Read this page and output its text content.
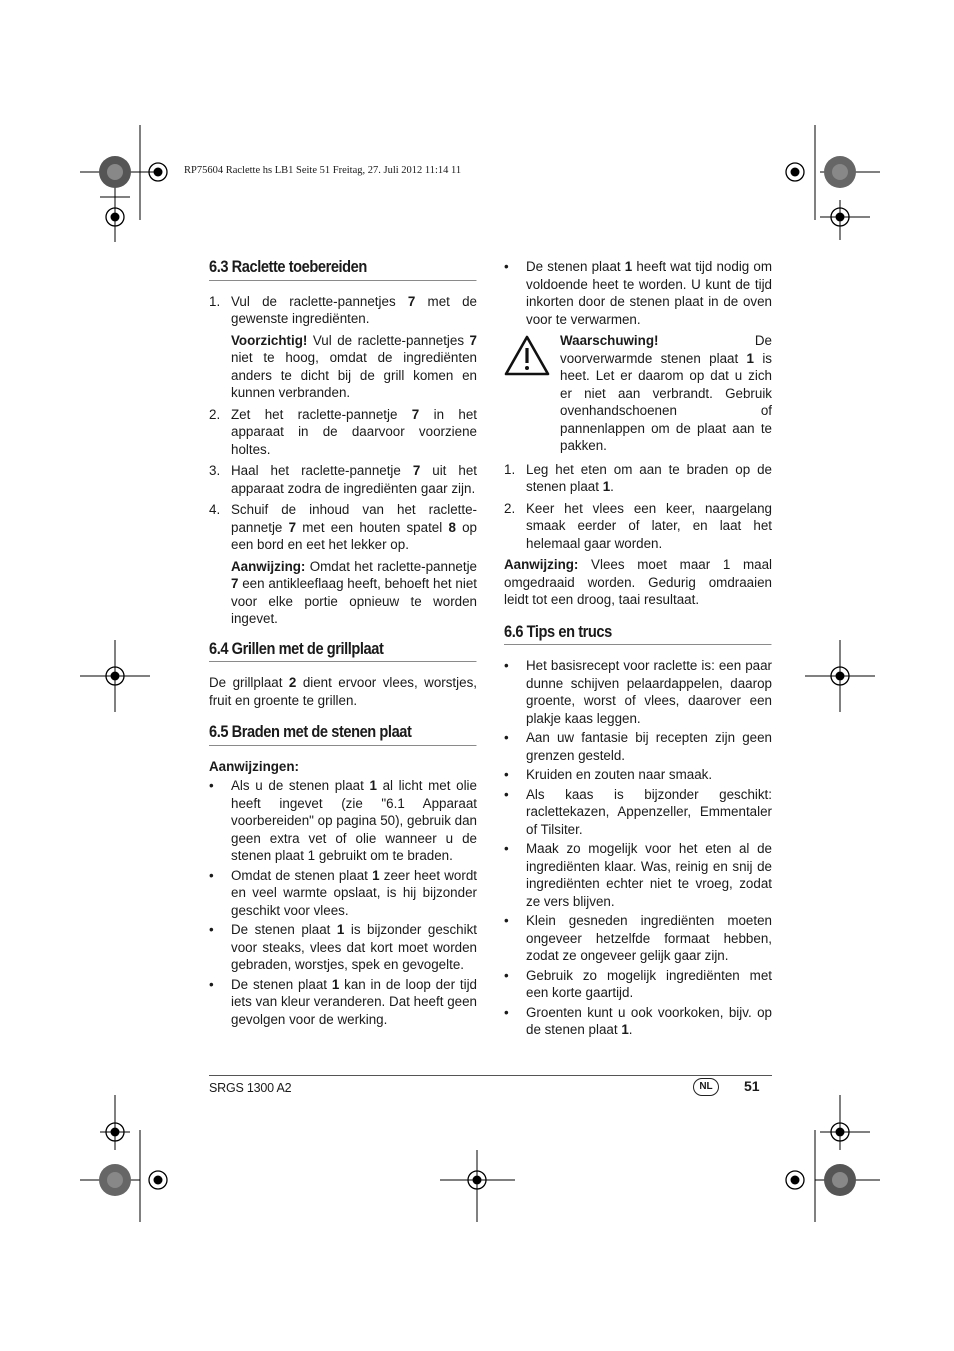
RP75604 Raclette hs LB1 Seite 51 Freitag, 27. Juli 2012 11:14 11
6.3 Raclette toebereiden
1. Vul de raclette-pannetjes 7 met de gewenste ingrediënten.

Voorzichtig! Vul de raclette-pannetjes 7 niet te hoog, omdat de ingrediënten anders te dicht bij de grill komen en kunnen verbranden.

2. Zet het raclette-pannetje 7 in het apparaat in de daarvoor voorziene holtes.
3. Haal het raclette-pannetje 7 uit het apparaat zodra de ingrediënten gaar zijn.
4. Schuif de inhoud van het raclette-pannetje 7 met een houten spatel 8 op een bord en eet het lekker op.

Aanwijzing: Omdat het raclette-pannetje 7 een antikleeflaag heeft, behoeft het niet voor elke portie opnieuw te worden ingevet.

6.4 Grillen met de grillplaat

De grillplaat 2 dient ervoor vlees, worstjes, fruit en groente te grillen.

6.5 Braden met de stenen plaat

Aanwijzingen:

•	Als u de stenen plaat 1 al licht met olie heeft ingevet (zie "6.1 Apparaat voorbereiden" op pagina 50), gebruik dan geen extra vet of olie wanneer u de stenen plaat 1 gebruikt om te braden.
•	Omdat de stenen plaat 1 zeer heet wordt en veel warmte opslaat, is hij bijzonder geschikt voor vlees.
•	De stenen plaat 1 is bijzonder geschikt voor steaks, vlees dat kort moet worden gebraden, worstjes, spek en gevogelte.
•	De stenen plaat 1 kan in de loop der tijd iets van kleur veranderen. Dat heeft geen gevolgen voor de werking.
•	De stenen plaat 1 heeft wat tijd nodig om voldoende heet te worden. U kunt de tijd inkorten door de stenen plaat in de oven voor te verwarmen.
Waarschuwing! De voorverwarmde stenen plaat 1 is heet. Let er daarom op dat u zich er niet aan verbrandt. Gebruik ovenhandschoenen of pannenlappen om de plaat aan te pakken.
1. Leg het eten om aan te braden op de stenen plaat 1.
2. Keer het vlees een keer, naargelang smaak eerder of later, en laat het helemaal gaar worden.

Aanwijzing: Vlees moet maar 1 maal omgedraaid worden. Gedurig omdraaien leidt tot een droog, taai resultaat.

6.6 Tips en trucs
•	Het basisrecept voor raclette is: een paar dunne schijven pelaardappelen, daarop groente, worst of vlees, daarover een plakje kaas leggen.
•	Aan uw fantasie bij recepten zijn geen grenzen gesteld.
•	Kruiden en zouten naar smaak.
•	Als kaas is bijzonder geschikt: raclettekazen, Appenzeller, Emmentaler of Tilsiter.
•	Maak zo mogelijk voor het eten al de ingrediënten klaar. Was, reinig en snij de ingrediënten echter niet te vroeg, zodat ze vers blijven.
•	Klein gesneden ingrediënten moeten ongeveer hetzelfde formaat hebben, zodat ze ongeveer gelijk gaar zijn.
•	Gebruik zo mogelijk ingrediënten met een korte gaartijd.
•	Groenten kunt u ook voorkoken, bijv. op de stenen plaat 1.
SRGS 1300 A2	NL	51
